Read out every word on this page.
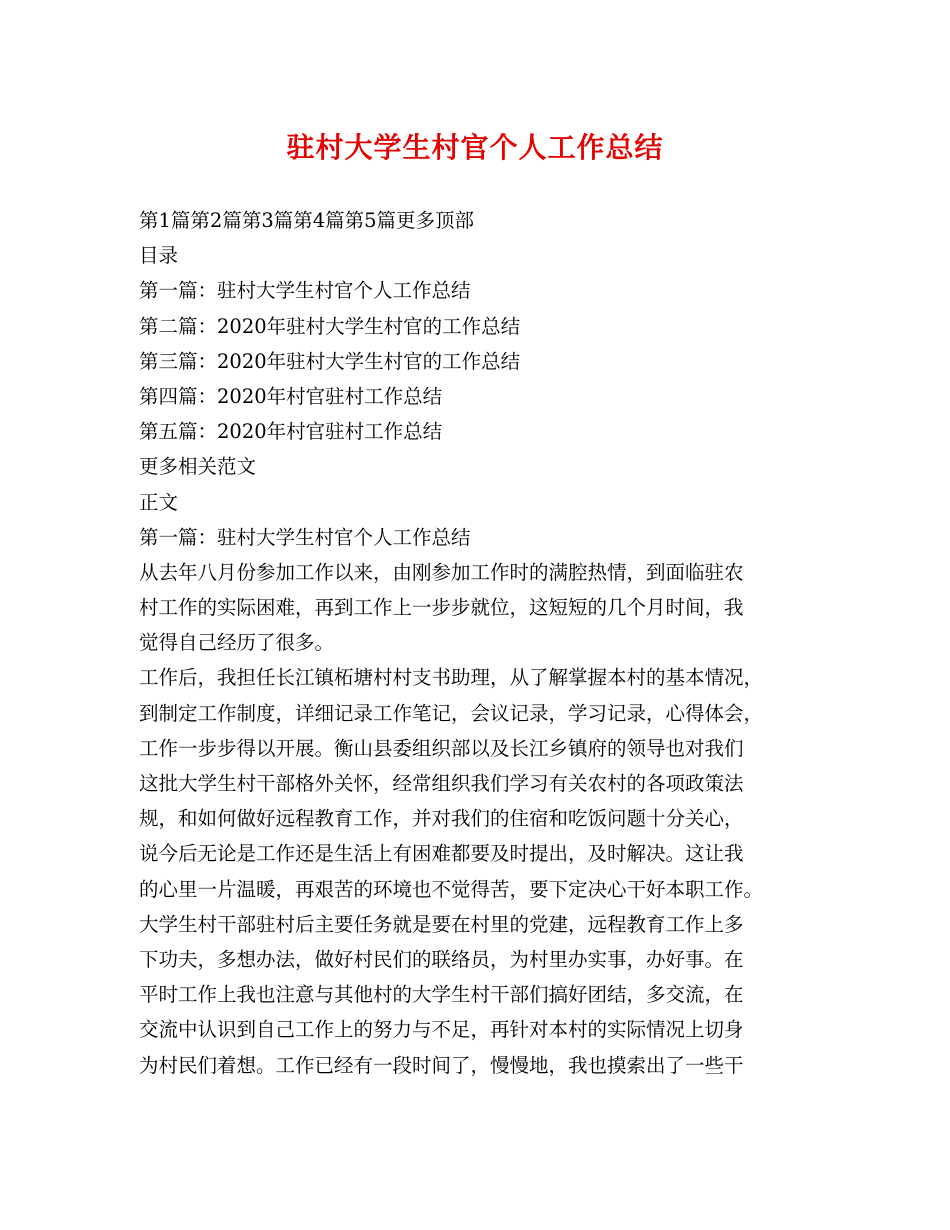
驻村大学生村官个人工作总结
第1篇第2篇第3篇第4篇第5篇更多顶部
目录
第一篇：驻村大学生村官个人工作总结
第二篇：2020年驻村大学生村官的工作总结
第三篇：2020年驻村大学生村官的工作总结
第四篇：2020年村官驻村工作总结
第五篇：2020年村官驻村工作总结
更多相关范文
正文
第一篇：驻村大学生村官个人工作总结
从去年八月份参加工作以来，由刚参加工作时的满腔热情，到面临驻农
村工作的实际困难，再到工作上一步步就位，这短短的几个月时间，我
觉得自己经历了很多。
工作后，我担任长江镇柘塘村村支书助理，从了解掌握本村的基本情况，
到制定工作制度，详细记录工作笔记，会议记录，学习记录，心得体会，
工作一步步得以开展。衡山县委组织部以及长江乡镇府的领导也对我们
这批大学生村干部格外关怀，经常组织我们学习有关农村的各项政策法
规，和如何做好远程教育工作，并对我们的住宿和吃饭问题十分关心，
说今后无论是工作还是生活上有困难都要及时提出，及时解决。这让我
的心里一片温暖，再艰苦的环境也不觉得苦，要下定决心干好本职工作。
大学生村干部驻村后主要任务就是要在村里的党建，远程教育工作上多
下功夫，多想办法，做好村民们的联络员，为村里办实事，办好事。在
平时工作上我也注意与其他村的大学生村干部们搞好团结，多交流，在
交流中认识到自己工作上的努力与不足，再针对本村的实际情况上切身
为村民们着想。工作已经有一段时间了，慢慢地，我也摸索出了一些干
